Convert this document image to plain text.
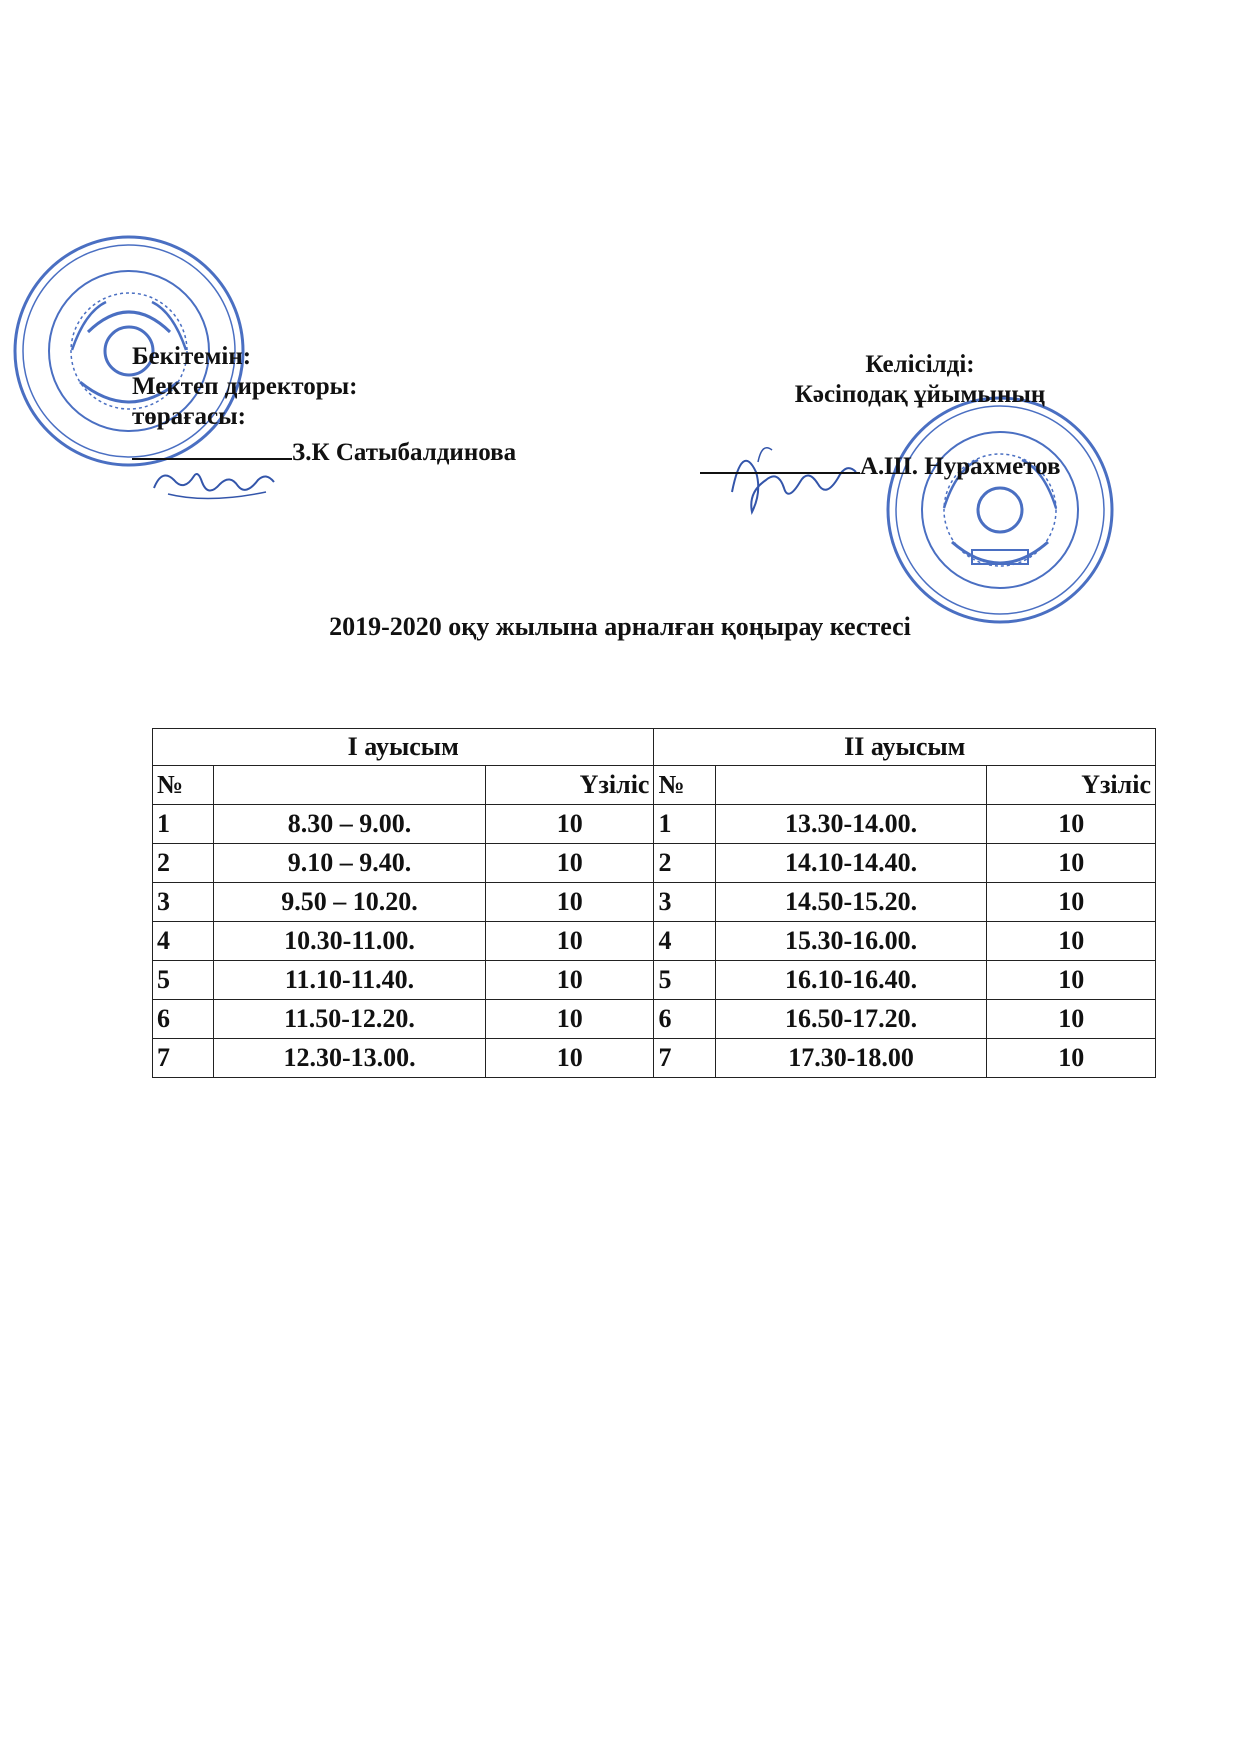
Бекітемін:
Мектеп директоры:
төрағасы:
З.К Сатыбалдинова
Келісілді:
Кәсіподақ ұйымының
А.Ш. Нурахметов
2019-2020 оқу жылына арналған қоңырау кестесі
І ауысым			ІІ ауысым		
№		Үзіліс	№		Үзіліс
1	8.30 – 9.00.	10	1	13.30-14.00.	10
2	9.10 – 9.40.	10	2	14.10-14.40.	10
3	9.50 – 10.20.	10	3	14.50-15.20.	10
4	10.30-11.00.	10	4	15.30-16.00.	10
5	11.10-11.40.	10	5	16.10-16.40.	10
6	11.50-12.20.	10	6	16.50-17.20.	10
7	12.30-13.00.	10	7	17.30-18.00	10
